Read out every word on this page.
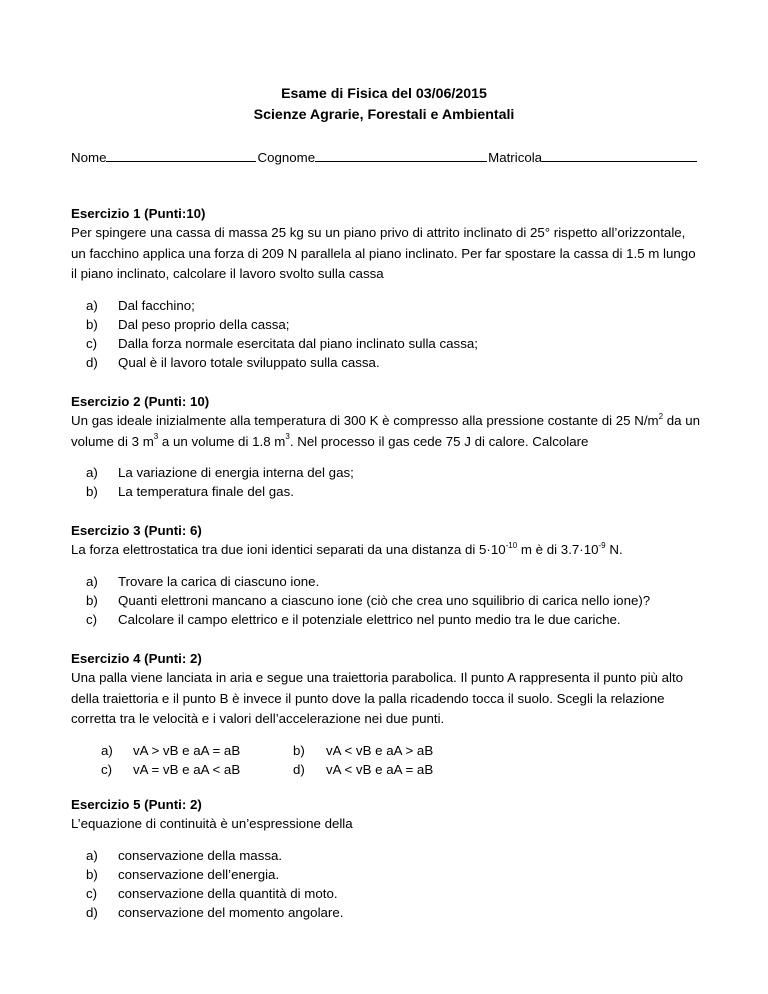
Esame di Fisica del 03/06/2015
Scienze Agrarie, Forestali e Ambientali
Nome	Cognome	Matricola
Esercizio 1 (Punti:10)
Per spingere una cassa di massa 25 kg su un piano privo di attrito inclinato di 25° rispetto all’orizzontale, un facchino applica una forza di 209 N parallela al piano inclinato. Per far spostare la cassa di 1.5 m lungo il piano inclinato, calcolare il lavoro svolto sulla cassa
a) Dal facchino;
b) Dal peso proprio della cassa;
c) Dalla forza normale esercitata dal piano inclinato sulla cassa;
d) Qual è il lavoro totale sviluppato sulla cassa.
Esercizio 2 (Punti: 10)
Un gas ideale inizialmente alla temperatura di 300 K è compresso alla pressione costante di 25 $N/m^2$ da un volume di 3 $m^3$ a un volume di 1.8 $m^3$. Nel processo il gas cede 75 J di calore. Calcolare
a) La variazione di energia interna del gas;
b) La temperatura finale del gas.
Esercizio 3 (Punti: 6)
La forza elettrostatica tra due ioni identici separati da una distanza di $5\cdot 10^{-10}$ m è di $3.7\cdot 10^{-9}$ N.
a) Trovare la carica di ciascuno ione.
b) Quanti elettroni mancano a ciascuno ione (ciò che crea uno squilibrio di carica nello ione)?
c) Calcolare il campo elettrico e il potenziale elettrico nel punto medio tra le due cariche.
Esercizio 4 (Punti: 2)
Una palla viene lanciata in aria e segue una traiettoria parabolica. Il punto A rappresenta il punto più alto della traiettoria e il punto B è invece il punto dove la palla ricadendo tocca il suolo. Scegli la relazione corretta tra le velocità e i valori dell’accelerazione nei due punti.
a) vA > vB e aA = aB	b) vA < vB e aA > aB
c) vA = vB e aA < aB	d) vA < vB e aA = aB
Esercizio 5 (Punti: 2)
L’equazione di continuità è un’espressione della
a) conservazione della massa.
b) conservazione dell’energia.
c) conservazione della quantità di moto.
d) conservazione del momento angolare.
